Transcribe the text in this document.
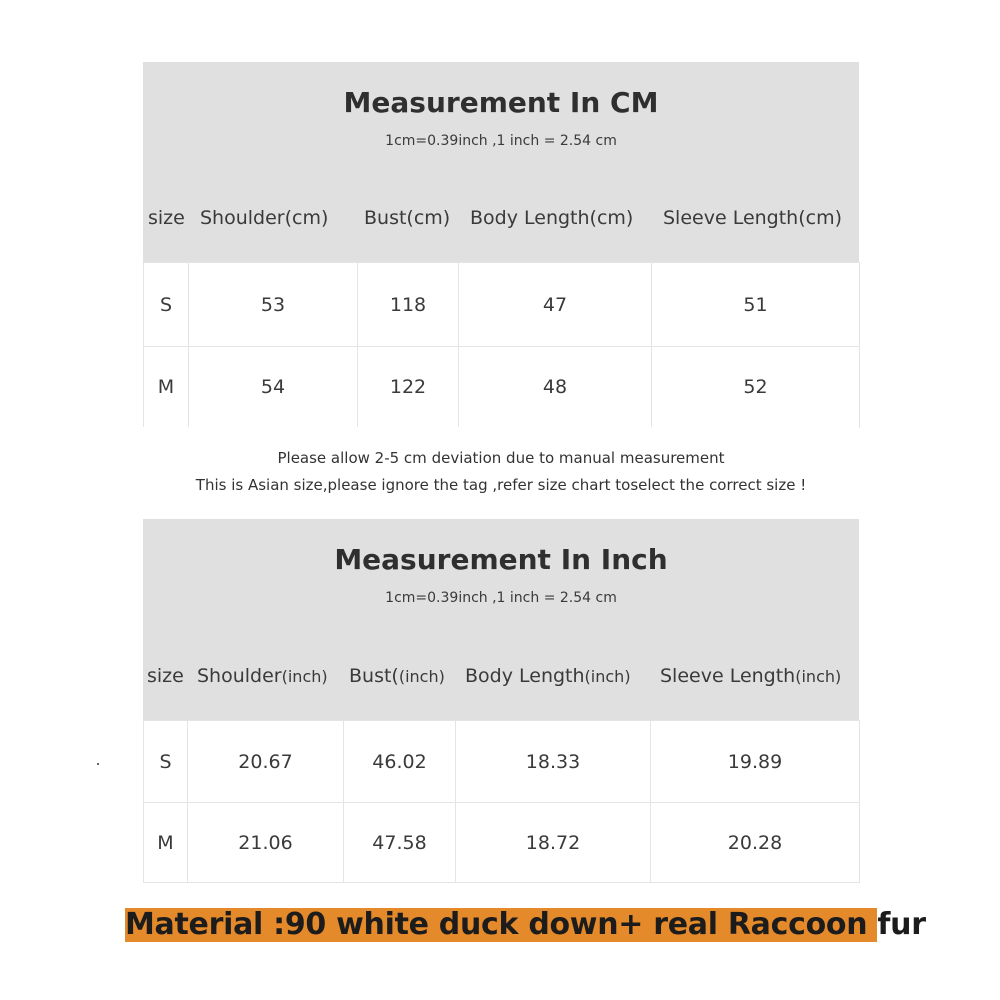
Measurement In CM
1cm=0.39inch ,1 inch = 2.54 cm
size Shoulder(cm) Bust(cm) Body Length(cm) Sleeve Length(cm)
S	53	118	47	51
M	54	122	48	52
Please allow 2-5 cm deviation due to manual measurement
This is Asian size,please ignore the tag ,refer size chart toselect the correct size !
Measurement In Inch
1cm=0.39inch ,1 inch = 2.54 cm
size Shoulder(inch) Bust((inch) Body Length(inch) Sleeve Length(inch)
S	20.67	46.02	18.33	19.89
M	21.06	47.58	18.72	20.28
Material :90 white duck down+ real Raccoon fur
